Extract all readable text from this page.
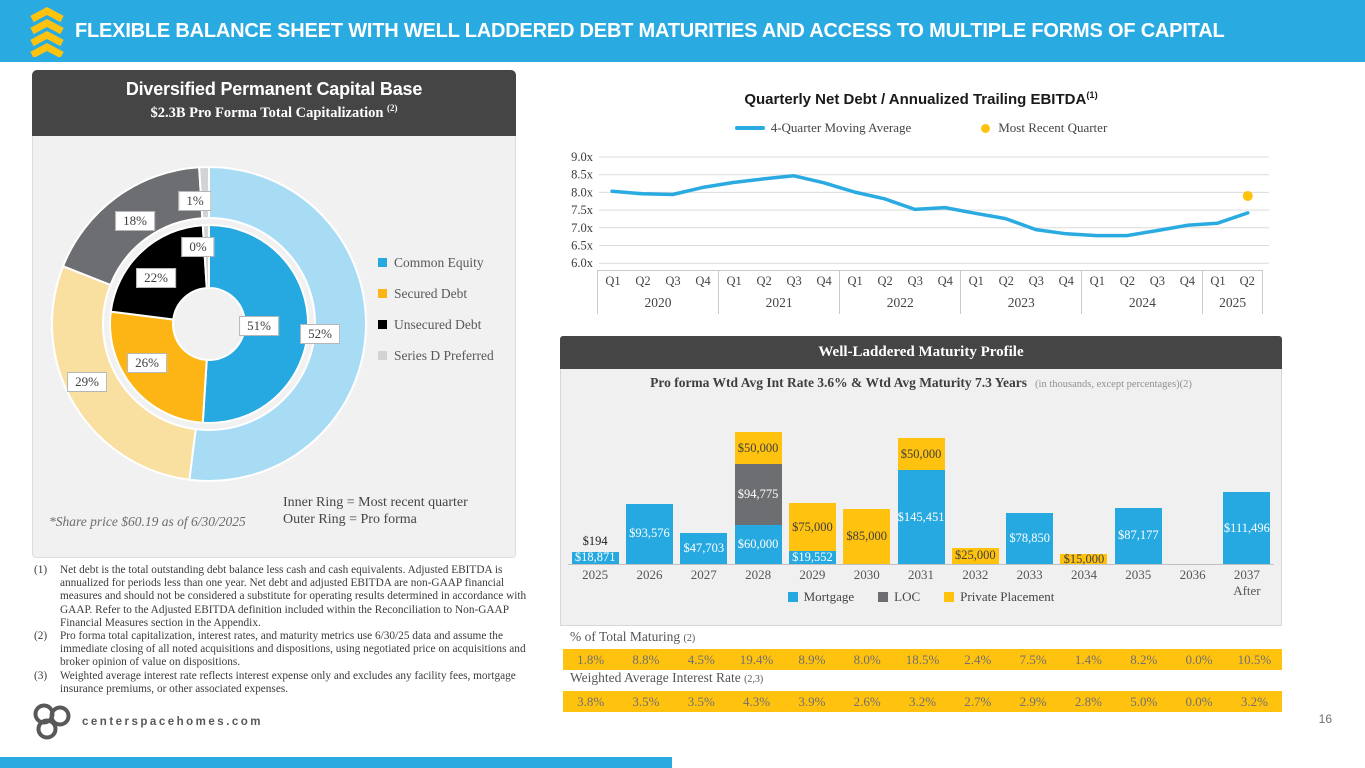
FLEXIBLE BALANCE SHEET WITH WELL LADDERED DEBT MATURITIES AND ACCESS TO MULTIPLE FORMS OF CAPITAL
Diversified Permanent Capital Base
$2.3B Pro Forma Total Capitalization $^{(2)}$
52%
29%
18%
1%
51%
26%
22%
0%
Common Equity
Secured Debt
Unsecured Debt
Series D Preferred
Inner Ring = Most recent quarter
Outer Ring = Pro forma
*Share price $60.19 as of 6/30/2025
(1)	Net debt is the total outstanding debt balance less cash and cash equivalents. Adjusted EBITDA is annualized for periods less than one year. Net debt and adjusted EBITDA are non-GAAP financial measures and should not be considered a substitute for operating results determined in accordance with GAAP. Refer to the Adjusted EBITDA definition included within the Reconciliation to Non-GAAP Financial Measures section in the Appendix.
(2)	Pro forma total capitalization, interest rates, and maturity metrics use 6/30/25 data and assume the immediate closing of all noted acquisitions and dispositions, using negotiated price on acquisitions and broker opinion of value on dispositions.
(3)	Weighted average interest rate reflects interest expense only and excludes any facility fees, mortgage insurance premiums, or other associated expenses.
Quarterly Net Debt / Annualized Trailing EBITDA$^{(1)}$
4-Quarter Moving Average	Most Recent Quarter
9.0x
8.5x
8.0x
7.5x
7.0x
6.5x
6.0x
Q1	Q2	Q3	Q4
2020
Q1	Q2	Q3	Q4
2021
Q1	Q2	Q3	Q4
2022
Q1	Q2	Q3	Q4
2023
Q1	Q2	Q3	Q4
2024
Q1	Q2
2025
Well-Laddered Maturity Profile
Pro forma Wtd Avg Int Rate 3.6% & Wtd Avg Maturity 7.3 Years (in thousands, except percentages)(2)
$194
$18,871
$93,576
$47,703
$50,000
$94,775
$60,000
$75,000
$19,552
$85,000
$50,000
$145,451
$25,000
$78,850
$15,000
$87,177
$111,496
2025	2026	2027	2028	2029	2030	2031	2032	2033	2034	2035	2036	2037 After
Mortgage	LOC	Private Placement
% of Total Maturing (2)
1.8%	8.8%	4.5%	19.4%	8.9%	8.0%	18.5%	2.4%	7.5%	1.4%	8.2%	0.0%	10.5%
Weighted Average Interest Rate (2,3)
3.8%	3.5%	3.5%	4.3%	3.9%	2.6%	3.2%	2.7%	2.9%	2.8%	5.0%	0.0%	3.2%
centerspacehomes.com	16
